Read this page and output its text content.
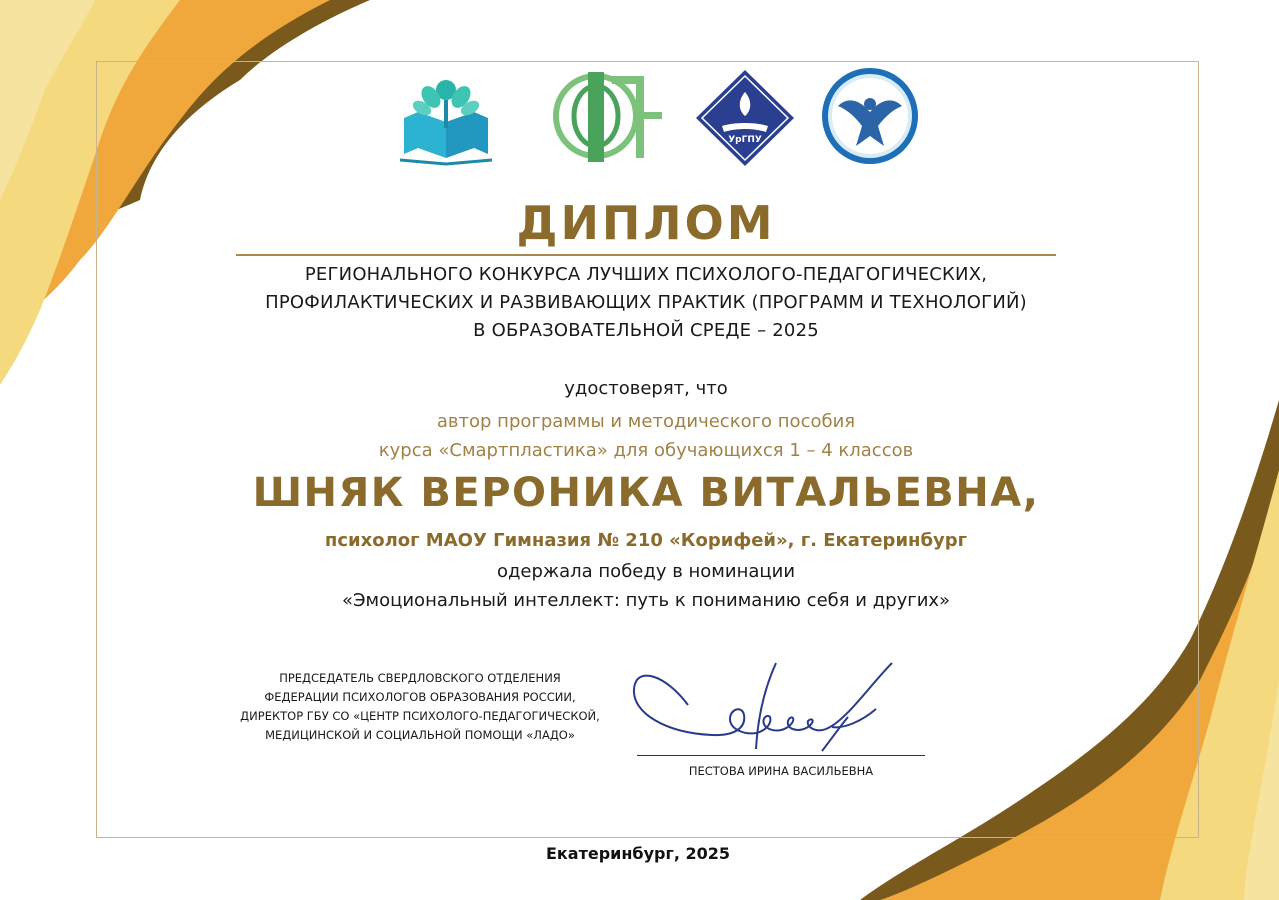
УрГПУ
ДИПЛОМ
РЕГИОНАЛЬНОГО КОНКУРСА ЛУЧШИХ ПСИХОЛОГО-ПЕДАГОГИЧЕСКИХ,
ПРОФИЛАКТИЧЕСКИХ И РАЗВИВАЮЩИХ ПРАКТИК (ПРОГРАММ И ТЕХНОЛОГИЙ)
В ОБРАЗОВАТЕЛЬНОЙ СРЕДЕ – 2025
удостоверят, что
автор программы и методического пособия
курса «Смартпластика» для обучающихся 1 – 4 классов
ШНЯК ВЕРОНИКА ВИТАЛЬЕВНА,
психолог МАОУ Гимназия № 210 «Корифей», г. Екатеринбург
одержала победу в номинации
«Эмоциональный интеллект: путь к пониманию себя и других»
ПРЕДСЕДАТЕЛЬ СВЕРДЛОВСКОГО ОТДЕЛЕНИЯ
ФЕДЕРАЦИИ ПСИХОЛОГОВ ОБРАЗОВАНИЯ РОССИИ,
ДИРЕКТОР ГБУ СО «ЦЕНТР ПСИХОЛОГО-ПЕДАГОГИЧЕСКОЙ,
МЕДИЦИНСКОЙ И СОЦИАЛЬНОЙ ПОМОЩИ «ЛАДО»
ПЕСТОВА ИРИНА ВАСИЛЬЕВНА
Екатеринбург, 2025
